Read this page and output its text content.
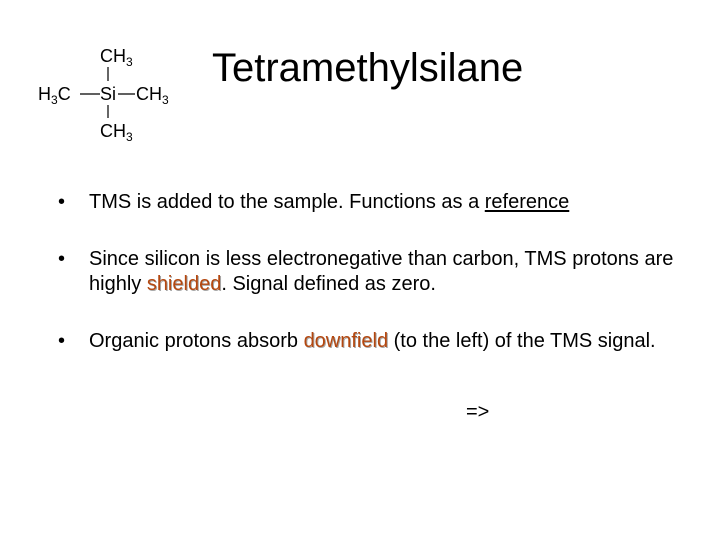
$CH_3$
$H_3C$ Si $CH_3$
$CH_3$
Tetramethylsilane
• TMS is added to the sample. Functions as a reference
• Since silicon is less electronegative than carbon, TMS protons are highly shielded. Signal defined as zero.
• Organic protons absorb downfield (to the left) of the TMS signal.
=>
